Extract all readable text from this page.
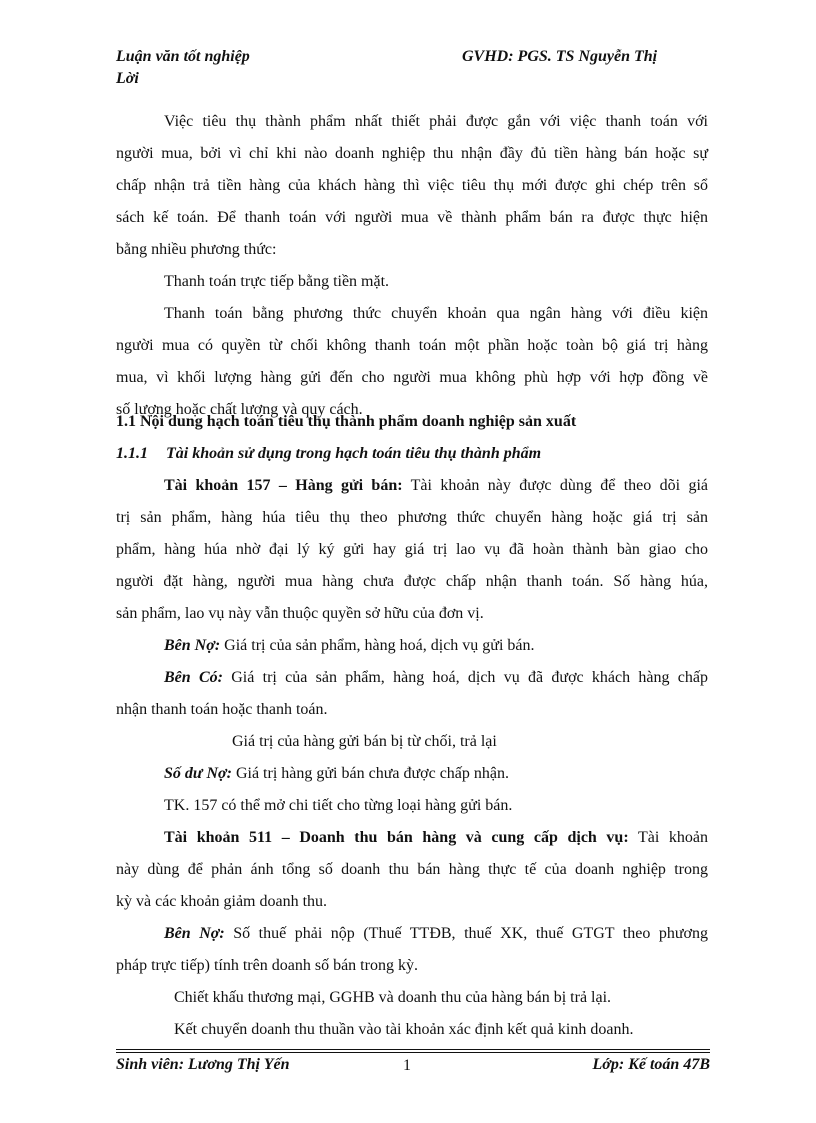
Luận văn tốt nghiệp	GVHD: PGS. TS Nguyễn Thị
Lời
Việc tiêu thụ thành phẩm nhất thiết phải được gắn với việc thanh toán với
người mua, bởi vì chỉ khi nào doanh nghiệp thu nhận đầy đủ tiền hàng bán hoặc sự
chấp nhận trả tiền hàng của khách hàng thì việc tiêu thụ mới được ghi chép trên sổ
sách kế toán. Để thanh toán với người mua về thành phẩm bán ra được thực hiện
bằng nhiều phương thức:
Thanh toán trực tiếp bằng tiền mặt.
Thanh toán bằng phương thức chuyển khoản qua ngân hàng với điều kiện
người mua có quyền từ chối không thanh toán một phần hoặc toàn bộ giá trị hàng
mua, vì khối lượng hàng gửi đến cho người mua không phù hợp với hợp đồng về
số lượng hoặc chất lượng và quy cách.
1.1 Nội dung hạch toán tiêu thụ thành phẩm doanh nghiệp sản xuất
1.1.1 Tài khoản sử dụng trong hạch toán tiêu thụ thành phẩm
Tài khoản 157 – Hàng gửi bán: Tài khoản này được dùng để theo dõi giá
trị sản phẩm, hàng húa tiêu thụ theo phương thức chuyển hàng hoặc giá trị sản
phẩm, hàng húa nhờ đại lý ký gửi hay giá trị lao vụ đã hoàn thành bàn giao cho
người đặt hàng, người mua hàng chưa được chấp nhận thanh toán. Số hàng húa,
sản phẩm, lao vụ này vẫn thuộc quyền sở hữu của đơn vị.
Bên Nợ: Giá trị của sản phẩm, hàng hoá, dịch vụ gửi bán.
Bên Có: Giá trị của sản phẩm, hàng hoá, dịch vụ đã được khách hàng chấp
nhận thanh toán hoặc thanh toán.
Giá trị của hàng gửi bán bị từ chối, trả lại
Số dư Nợ: Giá trị hàng gửi bán chưa được chấp nhận.
TK. 157 có thể mở chi tiết cho từng loại hàng gửi bán.
Tài khoản 511 – Doanh thu bán hàng và cung cấp dịch vụ: Tài khoản
này dùng để phản ánh tổng số doanh thu bán hàng thực tế của doanh nghiệp trong
kỳ và các khoản giảm doanh thu.
Bên Nợ: Số thuế phải nộp (Thuế TTĐB, thuế XK, thuế GTGT theo phương
pháp trực tiếp) tính trên doanh số bán trong kỳ.
Chiết khấu thương mại, GGHB và doanh thu của hàng bán bị trả lại.
Kết chuyển doanh thu thuần vào tài khoản xác định kết quả kinh doanh.
Sinh viên: Lương Thị Yến	1	Lớp: Kế toán 47B
